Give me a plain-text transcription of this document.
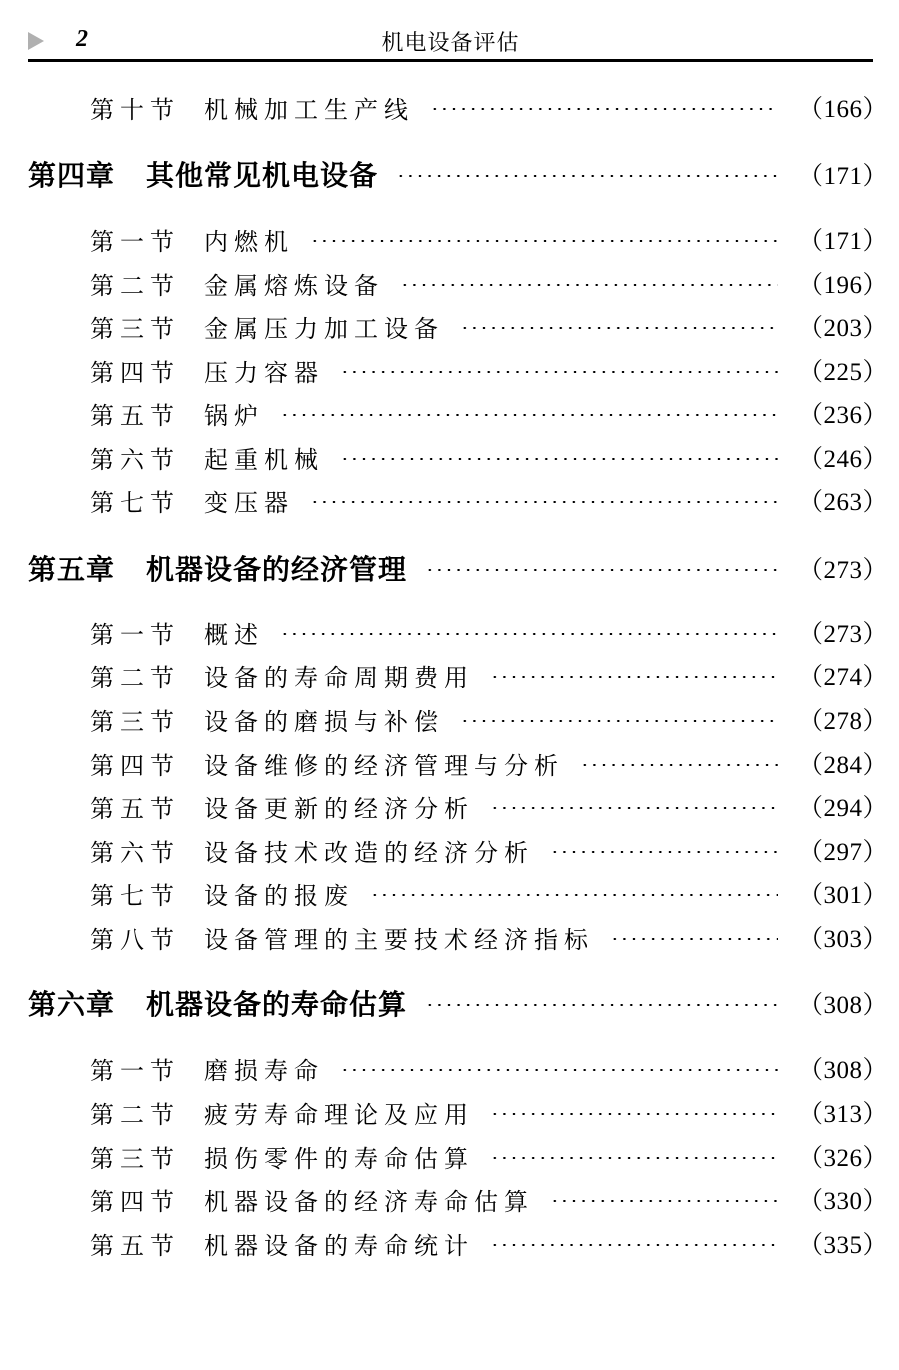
2	机电设备评估
第十节	机械加工生产线	（166）
第四章	其他常见机电设备	（171）
第一节	内燃机	（171）
第二节	金属熔炼设备	（196）
第三节	金属压力加工设备	（203）
第四节	压力容器	（225）
第五节	锅炉	（236）
第六节	起重机械	（246）
第七节	变压器	（263）
第五章	机器设备的经济管理	（273）
第一节	概述	（273）
第二节	设备的寿命周期费用	（274）
第三节	设备的磨损与补偿	（278）
第四节	设备维修的经济管理与分析	（284）
第五节	设备更新的经济分析	（294）
第六节	设备技术改造的经济分析	（297）
第七节	设备的报废	（301）
第八节	设备管理的主要技术经济指标	（303）
第六章	机器设备的寿命估算	（308）
第一节	磨损寿命	（308）
第二节	疲劳寿命理论及应用	（313）
第三节	损伤零件的寿命估算	（326）
第四节	机器设备的经济寿命估算	（330）
第五节	机器设备的寿命统计	（335）
